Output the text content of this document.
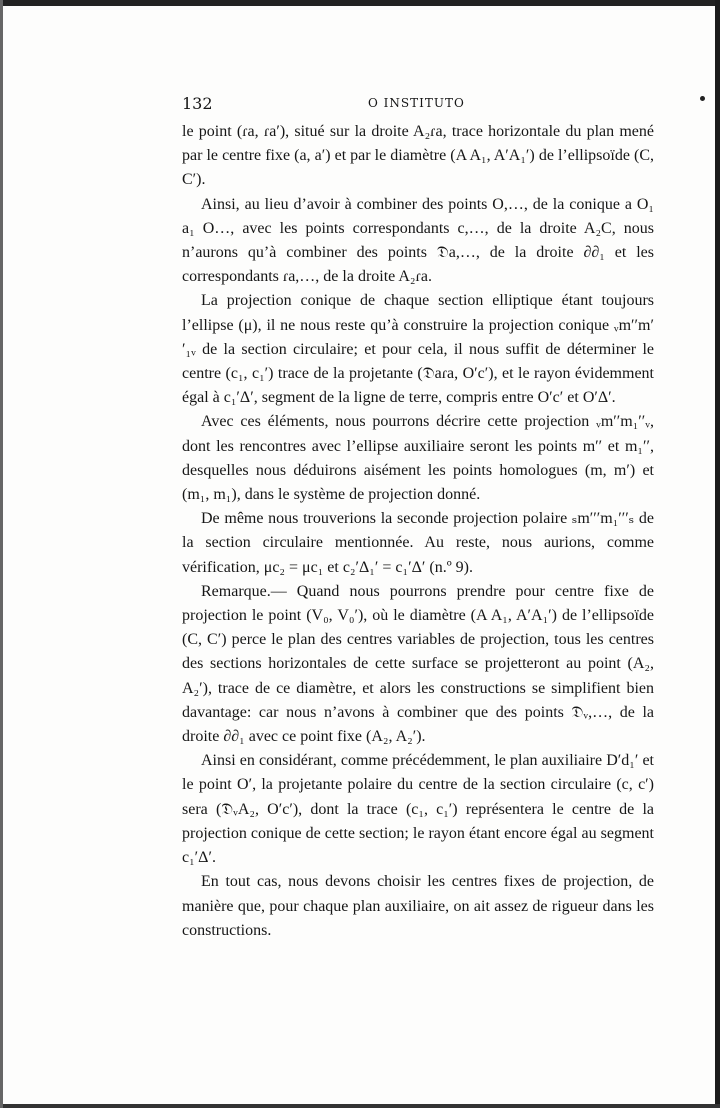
132	O INSTITUTO

le point (ɾa, ɾa′), situé sur la droite A₂ɾa, trace horizontale du plan mené par le centre fixe (a, a′) et par le diamètre (A A₁, A′A₁′) de l’ellipsoïde (C, C′).

Ainsi, au lieu d’avoir à combiner des points O,…, de la conique a O₁ a₁ O…, avec les points correspondants c,…, de la droite A₂C, nous n’aurons qu’à combiner des points 𝔇a,…, de la droite ∂∂₁ et les correspondants ɾa,…, de la droite A₂ɾa.

La projection conique de chaque section elliptique étant toujours l’ellipse (μ), il ne nous reste qu’à construire la projection conique ᵥm′′m′′₁ᵥ de la section circulaire; et pour cela, il nous suffit de déterminer le centre (c₁, c₁′) trace de la projetante (𝔇aɾa, O′c′), et le rayon évidemment égal à c₁′Δ′, segment de la ligne de terre, compris entre O′c′ et O′Δ′.

Avec ces éléments, nous pourrons décrire cette projection ᵥm′′m₁′′ᵥ, dont les rencontres avec l’ellipse auxiliaire seront les points m′′ et m₁′′, desquelles nous déduirons aisément les points homologues (m, m′) et (m₁, m₁), dans le système de projection donné.

De même nous trouverions la seconde projection polaire ₛm′′′m₁′′′ₛ de la section circulaire mentionnée. Au reste, nous aurions, comme vérification, μc₂ = μc₁ et c₂′Δ₁′ = c₁′Δ′ (n.º 9).

Remarque.— Quand nous pourrons prendre pour centre fixe de projection le point (V₀, V₀′), où le diamètre (A A₁, A′A₁′) de l’ellipsoïde (C, C′) perce le plan des centres variables de projection, tous les centres des sections horizontales de cette surface se projetteront au point (A₂, A₂′), trace de ce diamètre, et alors les constructions se simplifient bien davantage: car nous n’avons à combiner que des points 𝔇ᵥ,…, de la droite ∂∂₁ avec ce point fixe (A₂, A₂′).

Ainsi en considérant, comme précédemment, le plan auxiliaire D′d₁′ et le point O′, la projetante polaire du centre de la section circulaire (c, c′) sera (𝔇ᵥA₂, O′c′), dont la trace (c₁, c₁′) représentera le centre de la projection conique de cette section; le rayon étant encore égal au segment c₁′Δ′.

En tout cas, nous devons choisir les centres fixes de projection, de manière que, pour chaque plan auxiliaire, on ait assez de rigueur dans les constructions.
